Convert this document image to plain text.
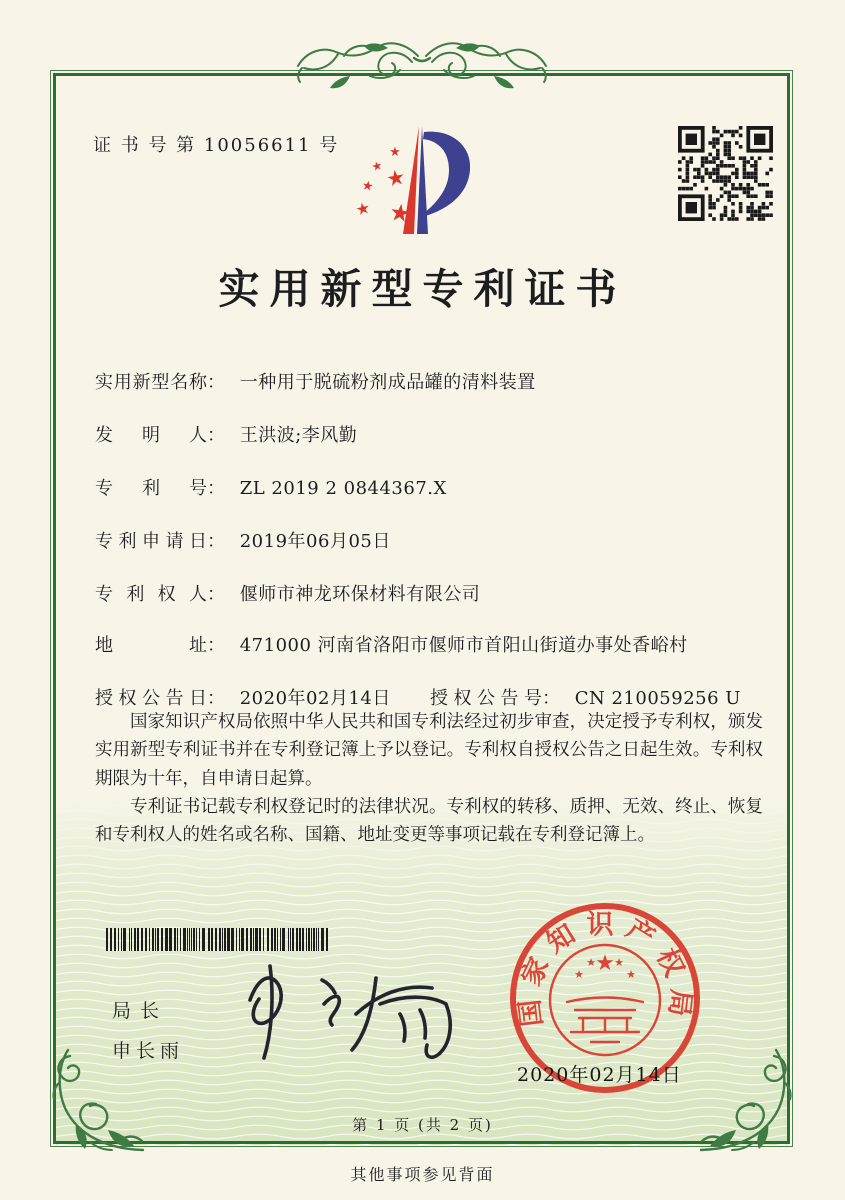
证 书 号 第 10056611 号	★
★
★
★
★
★
实用新型专利证书
实用新型名称： 一种用于脱硫粉剂成品罐的清料装置
发明人： 王洪波;李风勤
专利号： ZL 2019 2 0844367.X
专利申请日： 2019年06月05日
专利权人： 偃师市神龙环保材料有限公司
地址： 471000 河南省洛阳市偃师市首阳山街道办事处香峪村
授权公告日： 2020年02月14日 授权公告号： CN 210059256 U

国家知识产权局依照中华人民共和国专利法经过初步审查，决定授予专利权，颁发实用新型专利证书并在专利登记簿上予以登记。专利权自授权公告之日起生效。专利权期限为十年，自申请日起算。

专利证书记载专利权登记时的法律状况。专利权的转移、质押、无效、终止、恢复和专利权人的姓名或名称、国籍、地址变更等事项记载在专利登记簿上。

局长
申长雨
★
★
★ ★
★
国家知识产权局
2020年02月14日
第 1 页 (共 2 页)
其他事项参见背面
